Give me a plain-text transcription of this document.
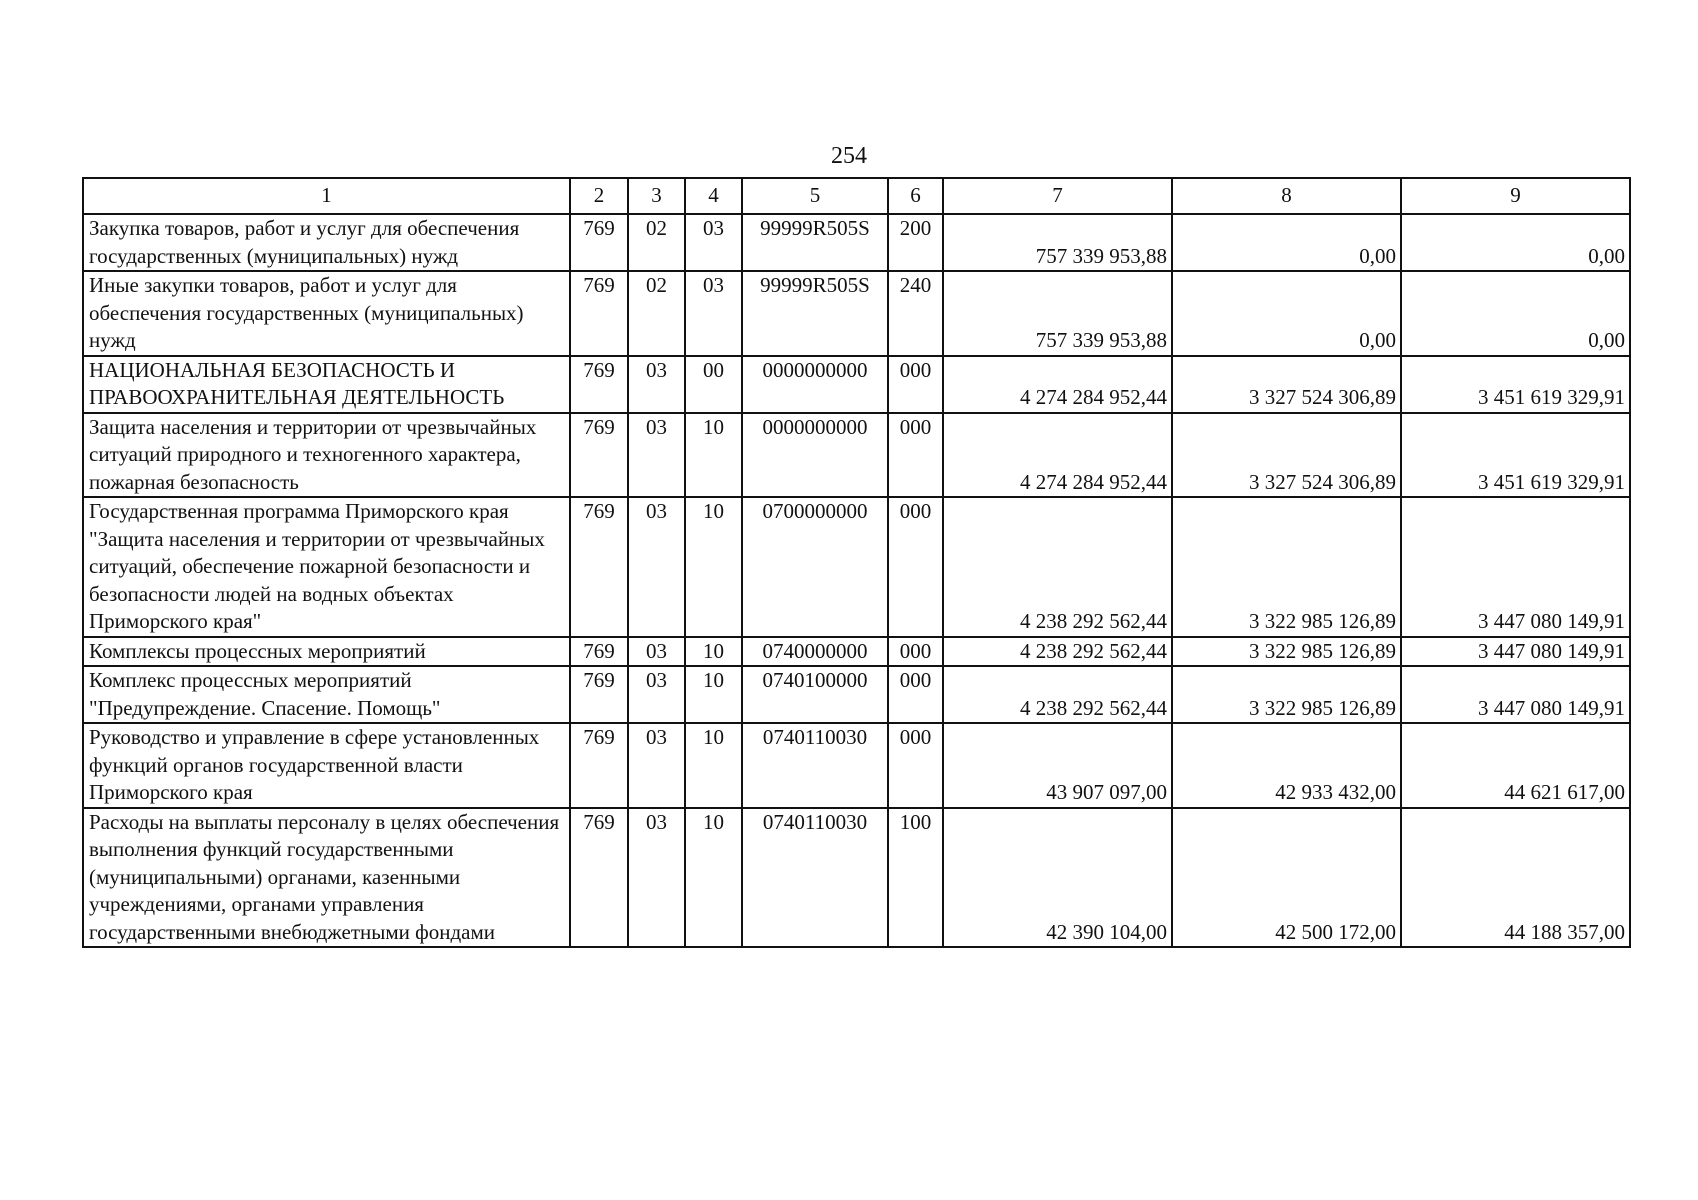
254
1	2	3	4	5	6	7	8	9
Закупка товаров, работ и услуг для обеспечения государственных (муниципальных) нужд	769	02	03	99999R505S	200	757 339 953,88	0,00	0,00
Иные закупки товаров, работ и услуг для обеспечения государственных (муниципальных) нужд	769	02	03	99999R505S	240	757 339 953,88	0,00	0,00
НАЦИОНАЛЬНАЯ БЕЗОПАСНОСТЬ И ПРАВООХРАНИТЕЛЬНАЯ ДЕЯТЕЛЬНОСТЬ	769	03	00	0000000000	000	4 274 284 952,44	3 327 524 306,89	3 451 619 329,91
Защита населения и территории от чрезвычайных ситуаций природного и техногенного характера, пожарная безопасность	769	03	10	0000000000	000	4 274 284 952,44	3 327 524 306,89	3 451 619 329,91
Государственная программа Приморского края "Защита населения и территории от чрезвычайных ситуаций, обеспечение пожарной безопасности и безопасности людей на водных объектах Приморского края"	769	03	10	0700000000	000	4 238 292 562,44	3 322 985 126,89	3 447 080 149,91
Комплексы процессных мероприятий	769	03	10	0740000000	000	4 238 292 562,44	3 322 985 126,89	3 447 080 149,91
Комплекс процессных мероприятий "Предупреждение. Спасение. Помощь"	769	03	10	0740100000	000	4 238 292 562,44	3 322 985 126,89	3 447 080 149,91
Руководство и управление в сфере установленных функций органов государственной власти Приморского края	769	03	10	0740110030	000	43 907 097,00	42 933 432,00	44 621 617,00
Расходы на выплаты персоналу в целях обеспечения выполнения функций государственными (муниципальными) органами, казенными учреждениями, органами управления государственными внебюджетными фондами	769	03	10	0740110030	100	42 390 104,00	42 500 172,00	44 188 357,00
